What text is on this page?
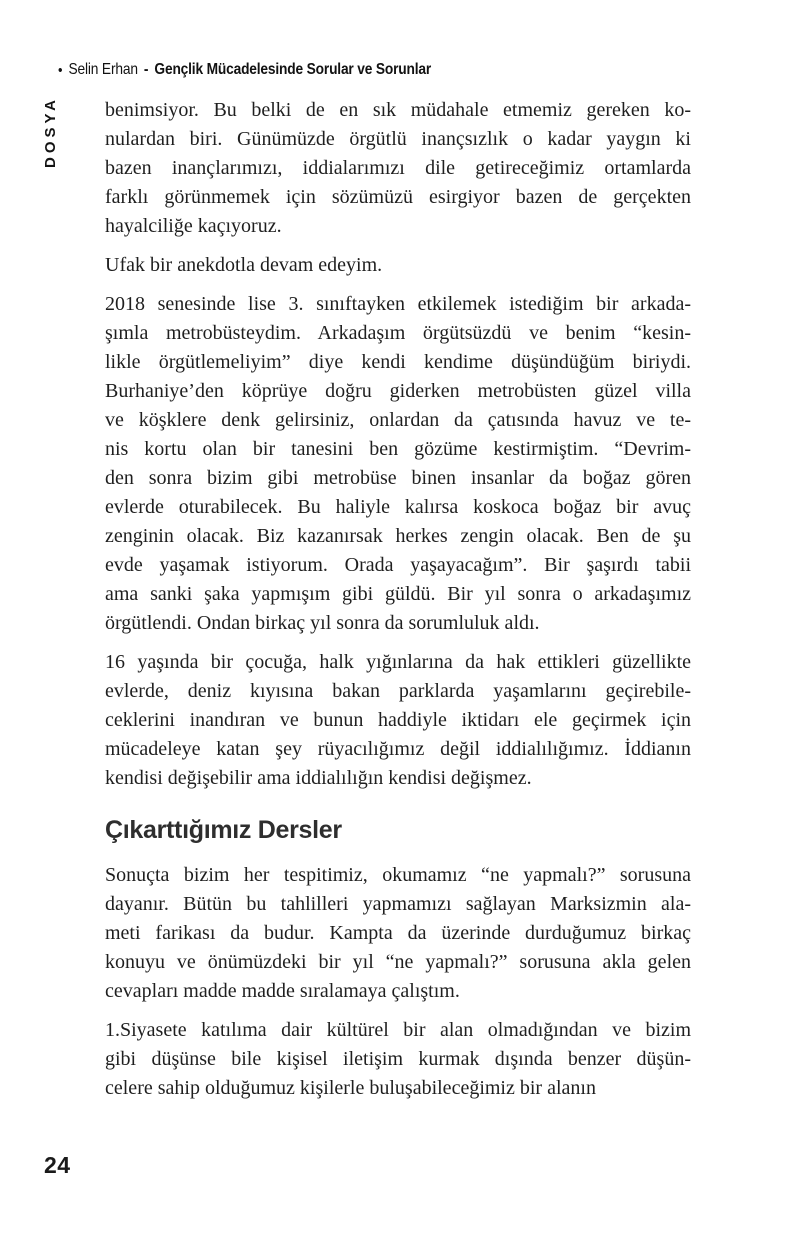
• Selin Erhan - Gençlik Mücadelesinde Sorular ve Sorunlar
DOSYA benimsiyor. Bu belki de en sık müdahale etmemiz gereken ko-
nulardan biri. Günümüzde örgütlü inançsızlık o kadar yaygın ki
bazen inançlarımızı, iddialarımızı dile getireceğimiz ortamlarda
farklı görünmemek için sözümüzü esirgiyor bazen de gerçekten
hayalciliğe kaçıyoruz.
Ufak bir anekdotla devam edeyim.
2018 senesinde lise 3. sınıftayken etkilemek istediğim bir arkada-
şımla metrobüsteydim. Arkadaşım örgütsüzdü ve benim “kesin-
likle örgütlemeliyim” diye kendi kendime düşündüğüm biriydi.
Burhaniye’den köprüye doğru giderken metrobüsten güzel villa
ve köşklere denk gelirsiniz, onlardan da çatısında havuz ve te-
nis kortu olan bir tanesini ben gözüme kestirmiştim. “Devrim-
den sonra bizim gibi metrobüse binen insanlar da boğaz gören
evlerde oturabilecek. Bu haliyle kalırsa koskoca boğaz bir avuç
zenginin olacak. Biz kazanırsak herkes zengin olacak. Ben de şu
evde yaşamak istiyorum. Orada yaşayacağım”. Bir şaşırdı tabii
ama sanki şaka yapmışım gibi güldü. Bir yıl sonra o arkadaşımız
örgütlendi. Ondan birkaç yıl sonra da sorumluluk aldı.
16 yaşında bir çocuğa, halk yığınlarına da hak ettikleri güzellikte
evlerde, deniz kıyısına bakan parklarda yaşamlarını geçirebile-
ceklerini inandıran ve bunun haddiyle iktidarı ele geçirmek için
mücadeleye katan şey rüyacılığımız değil iddialılığımız. İddianın
kendisi değişebilir ama iddialılığın kendisi değişmez.
Çıkarttığımız Dersler
Sonuçta bizim her tespitimiz, okumamız “ne yapmalı?” sorusuna
dayanır. Bütün bu tahlilleri yapmamızı sağlayan Marksizmin ala-
meti farikası da budur. Kampta da üzerinde durduğumuz birkaç
konuyu ve önümüzdeki bir yıl “ne yapmalı?” sorusuna akla gelen
cevapları madde madde sıralamaya çalıştım.
1.Siyasete katılıma dair kültürel bir alan olmadığından ve bizim
gibi düşünse bile kişisel iletişim kurmak dışında benzer düşün-
celere sahip olduğumuz kişilerle buluşabileceğimiz bir alanın
24
